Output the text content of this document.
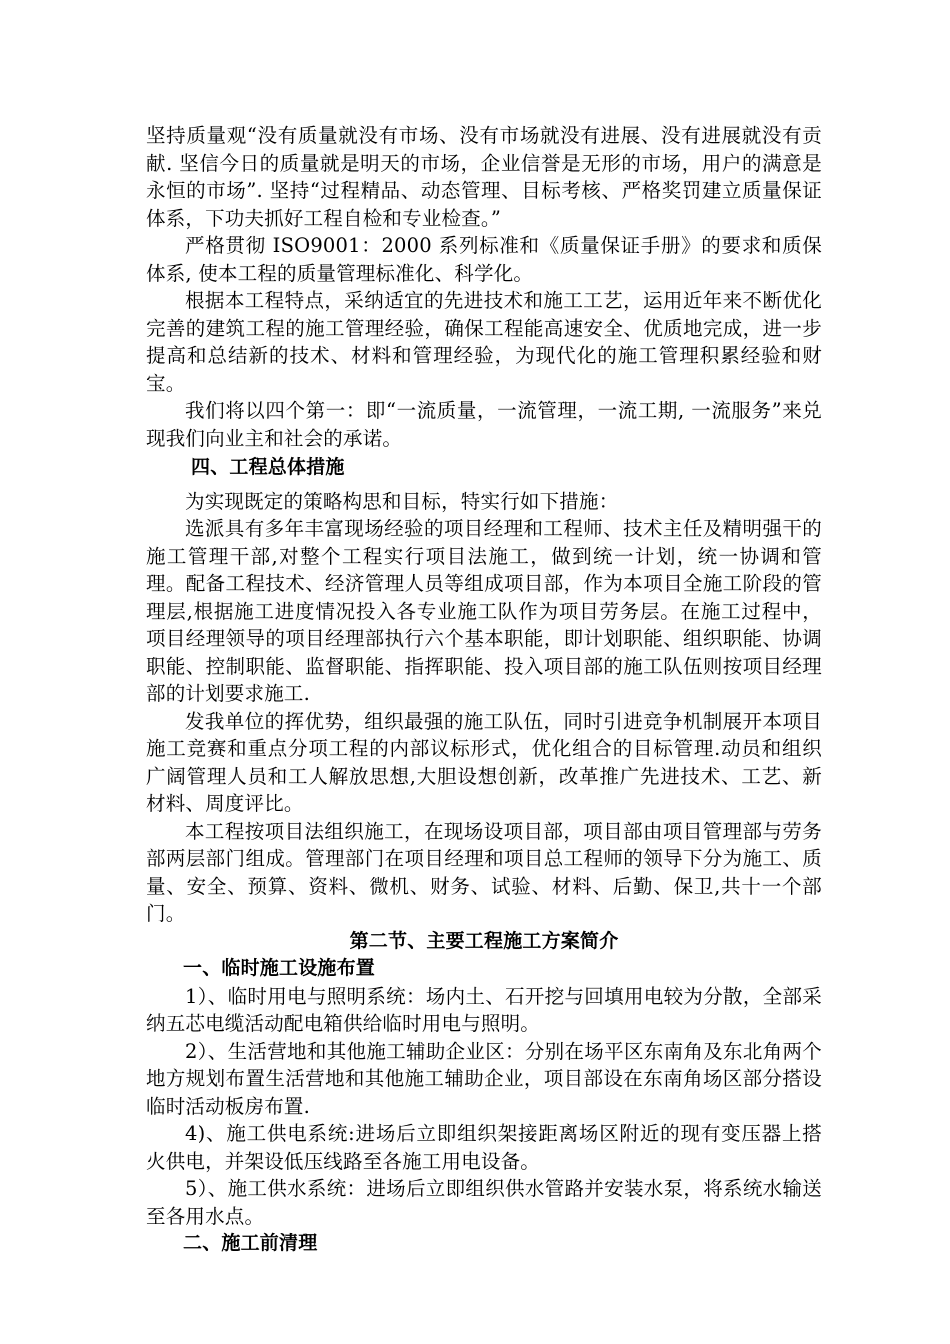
坚持质量观“没有质量就没有市场、没有市场就没有进展、没有进展就没有贡献. 坚信今日的质量就是明天的市场，企业信誉是无形的市场，用户的满意是永恒的市场”. 坚持“过程精品、动态管理、目标考核、严格奖罚建立质量保证体系，下功夫抓好工程自检和专业检查。”

严格贯彻 ISO9001：2000 系列标准和《质量保证手册》的要求和质保体系, 使本工程的质量管理标准化、科学化。

根据本工程特点，采纳适宜的先进技术和施工工艺，运用近年来不断优化完善的建筑工程的施工管理经验，确保工程能高速安全、优质地完成，进一步提高和总结新的技术、材料和管理经验，为现代化的施工管理积累经验和财宝。

我们将以四个第一：即“一流质量，一流管理，一流工期, 一流服务”来兑现我们向业主和社会的承诺。

四、工程总体措施

为实现既定的策略构思和目标，特实行如下措施：

选派具有多年丰富现场经验的项目经理和工程师、技术主任及精明强干的施工管理干部,对整个工程实行项目法施工，做到统一计划，统一协调和管理。配备工程技术、经济管理人员等组成项目部，作为本项目全施工阶段的管理层,根据施工进度情况投入各专业施工队作为项目劳务层。在施工过程中，项目经理领导的项目经理部执行六个基本职能，即计划职能、组织职能、协调职能、控制职能、监督职能、指挥职能、投入项目部的施工队伍则按项目经理部的计划要求施工.

发我单位的挥优势，组织最强的施工队伍，同时引进竞争机制展开本项目施工竞赛和重点分项工程的内部议标形式，优化组合的目标管理.动员和组织广阔管理人员和工人解放思想,大胆设想创新，改革推广先进技术、工艺、新材料、周度评比。

本工程按项目法组织施工，在现场设项目部，项目部由项目管理部与劳务部两层部门组成。管理部门在项目经理和项目总工程师的领导下分为施工、质量、安全、预算、资料、微机、财务、试验、材料、后勤、保卫,共十一个部门。

第二节、主要工程施工方案简介

一、临时施工设施布置

1）、临时用电与照明系统：场内土、石开挖与回填用电较为分散，全部采纳五芯电缆活动配电箱供给临时用电与照明。

2）、生活营地和其他施工辅助企业区：分别在场平区东南角及东北角两个地方规划布置生活营地和其他施工辅助企业，项目部设在东南角场区部分搭设临时活动板房布置.

4)、施工供电系统:进场后立即组织架接距离场区附近的现有变压器上搭火供电，并架设低压线路至各施工用电设备。

5）、施工供水系统：进场后立即组织供水管路并安装水泵，将系统水输送至各用水点。

二、施工前清理
